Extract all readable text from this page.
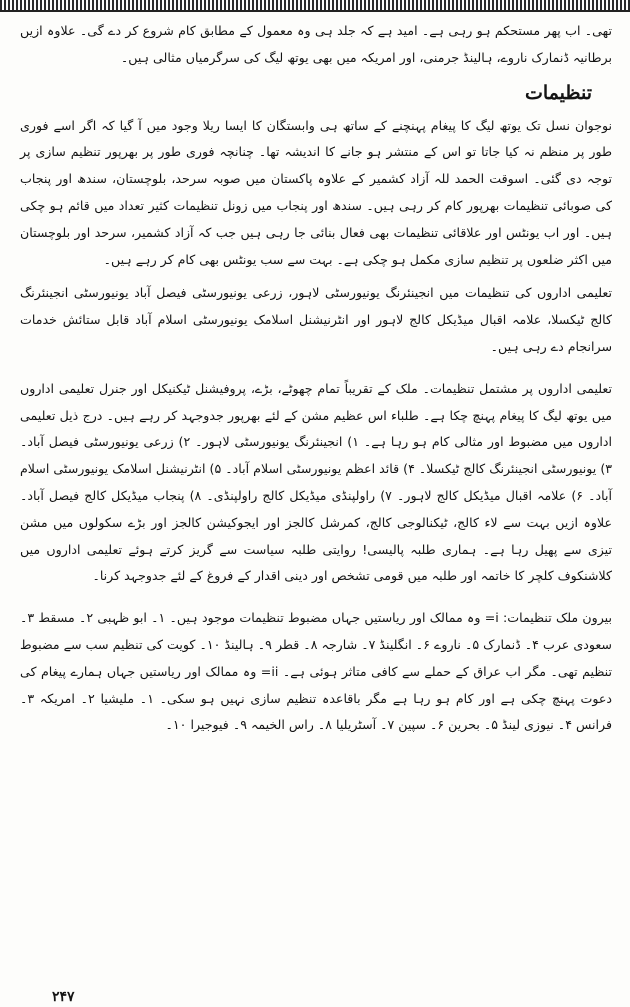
تھی۔ اب پھر مستحکم ہو رہی ہے۔ امید ہے کہ جلد ہی وہ معمول کے مطابق کام شروع کر دے گی۔ علاوہ ازیں برطانیہ ڈنمارک ناروے، ہالینڈ جرمنی، اور امریکہ میں بھی یوتھ لیگ کی سرگرمیاں مثالی ہیں۔

تنظیمات

نوجوان نسل تک یوتھ لیگ کا پیغام پہنچنے کے ساتھ ہی وابستگان کا ایسا ریلا وجود میں آ گیا کہ اگر اسے فوری طور پر منظم نہ کیا جاتا تو اس کے منتشر ہو جانے کا اندیشہ تھا۔ چنانچہ فوری طور پر بھرپور تنظیم سازی پر توجہ دی گئی۔ اسوقت الحمد للہ آزاد کشمیر کے علاوہ پاکستان میں صوبہ سرحد، بلوچستان، سندھ اور پنجاب کی صوبائی تنظیمات بھرپور کام کر رہی ہیں۔ سندھ اور پنجاب میں زونل تنظیمات کثیر تعداد میں قائم ہو چکی ہیں۔ اور اب یونٹس اور علاقائی تنظیمات بھی فعال بنائی جا رہی ہیں جب کہ آزاد کشمیر، سرحد اور بلوچستان میں اکثر ضلعوں پر تنظیم سازی مکمل ہو چکی ہے۔ بہت سے سب یونٹس بھی کام کر رہے ہیں۔

تعلیمی اداروں کی تنظیمات میں انجینئرنگ یونیورسٹی لاہور، زرعی یونیورسٹی فیصل آباد یونیورسٹی انجینئرنگ کالج ٹیکسلا، علامہ اقبال میڈیکل کالج لاہور اور انٹرنیشنل اسلامک یونیورسٹی اسلام آباد قابل ستائش خدمات سرانجام دے رہی ہیں۔

تعلیمی اداروں پر مشتمل تنظیمات۔ ملک کے تقریباً تمام چھوٹے، بڑے، پروفیشنل ٹیکنیکل اور جنرل تعلیمی اداروں میں یوتھ لیگ کا پیغام پہنچ چکا ہے۔ طلباء اس عظیم مشن کے لئے بھرپور جدوجہد کر رہے ہیں۔ درج ذیل تعلیمی اداروں میں مضبوط اور مثالی کام ہو رہا ہے۔ ۱) انجینئرنگ یونیورسٹی لاہور۔ ۲) زرعی یونیورسٹی فیصل آباد۔ ۳) یونیورسٹی انجینئرنگ کالج ٹیکسلا۔ ۴) قائد اعظم یونیورسٹی اسلام آباد۔ ۵) انٹرنیشنل اسلامک یونیورسٹی اسلام آباد۔ ۶) علامہ اقبال میڈیکل کالج لاہور۔ ۷) راولپنڈی میڈیکل کالج راولپنڈی۔ ۸) پنجاب میڈیکل کالج فیصل آباد۔ علاوہ ازیں بہت سے لاء کالج، ٹیکنالوجی کالج، کمرشل کالجز اور ایجوکیشن کالجز اور بڑے سکولوں میں مشن تیزی سے پھیل رہا ہے۔ ہماری طلبہ پالیسی! روایتی طلبہ سیاست سے گریز کرتے ہوئے تعلیمی اداروں میں کلاشنکوف کلچر کا خاتمہ اور طلبہ میں قومی تشخص اور دینی اقدار کے فروغ کے لئے جدوجہد کرنا۔

بیرون ملک تنظیمات: i= وہ ممالک اور ریاستیں جہاں مضبوط تنظیمات موجود ہیں۔ ۱۔ ابو ظہبی ۲۔ مسقط ۳۔ سعودی عرب ۴۔ ڈنمارک ۵۔ ناروے ۶۔ انگلینڈ ۷۔ شارجہ ۸۔ قطر ۹۔ ہالینڈ ۱۰۔ کویت کی تنظیم سب سے مضبوط تنظیم تھی۔ مگر اب عراق کے حملے سے کافی متاثر ہوئی ہے۔ ii= وہ ممالک اور ریاستیں جہاں ہمارے پیغام کی دعوت پہنچ چکی ہے اور کام ہو رہا ہے مگر باقاعدہ تنظیم سازی نہیں ہو سکی۔ ۱۔ ملیشیا ۲۔ امریکہ ۳۔ فرانس ۴۔ نیوزی لینڈ ۵۔ بحرین ۶۔ سپین ۷۔ آسٹریلیا ۸۔ راس الخیمہ ۹۔ فیوجیرا ۱۰۔

۲۴۷
